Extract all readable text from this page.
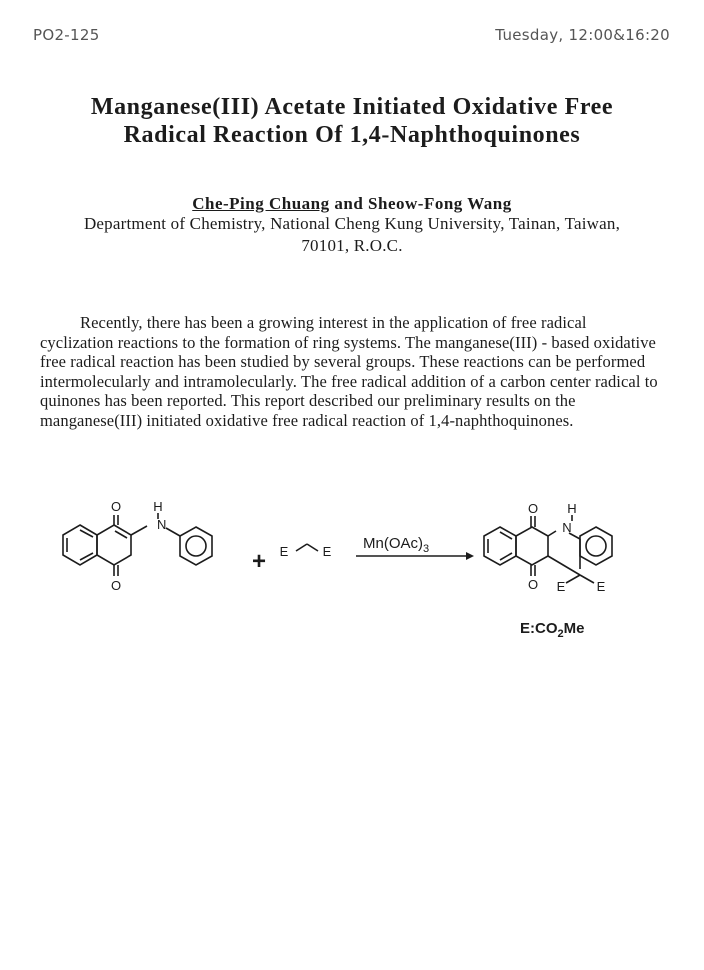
PO2-125	Tuesday, 12:00&16:20
Manganese(III) Acetate Initiated Oxidative Free
Radical Reaction Of 1,4-Naphthoquinones
Che-Ping Chuang and Sheow-Fong Wang
Department of Chemistry, National Cheng Kung University, Tainan, Taiwan,
70101, R.O.C.
Recently, there has been a growing interest in the application of free radical cyclization reactions to the formation of ring systems. The manganese(III) - based oxidative free radical reaction has been studied by several groups. These reactions can be performed intermolecularly and intramolecularly. The free radical addition of a carbon center radical to quinones has been reported. This report described our preliminary results on the manganese(III) initiated oxidative free radical reaction of 1,4-naphthoquinones.
O
O
H
N
E	E
O
O
H
N
E E
+
$Mn(OAc)_3$
$E:CO_2Me$
